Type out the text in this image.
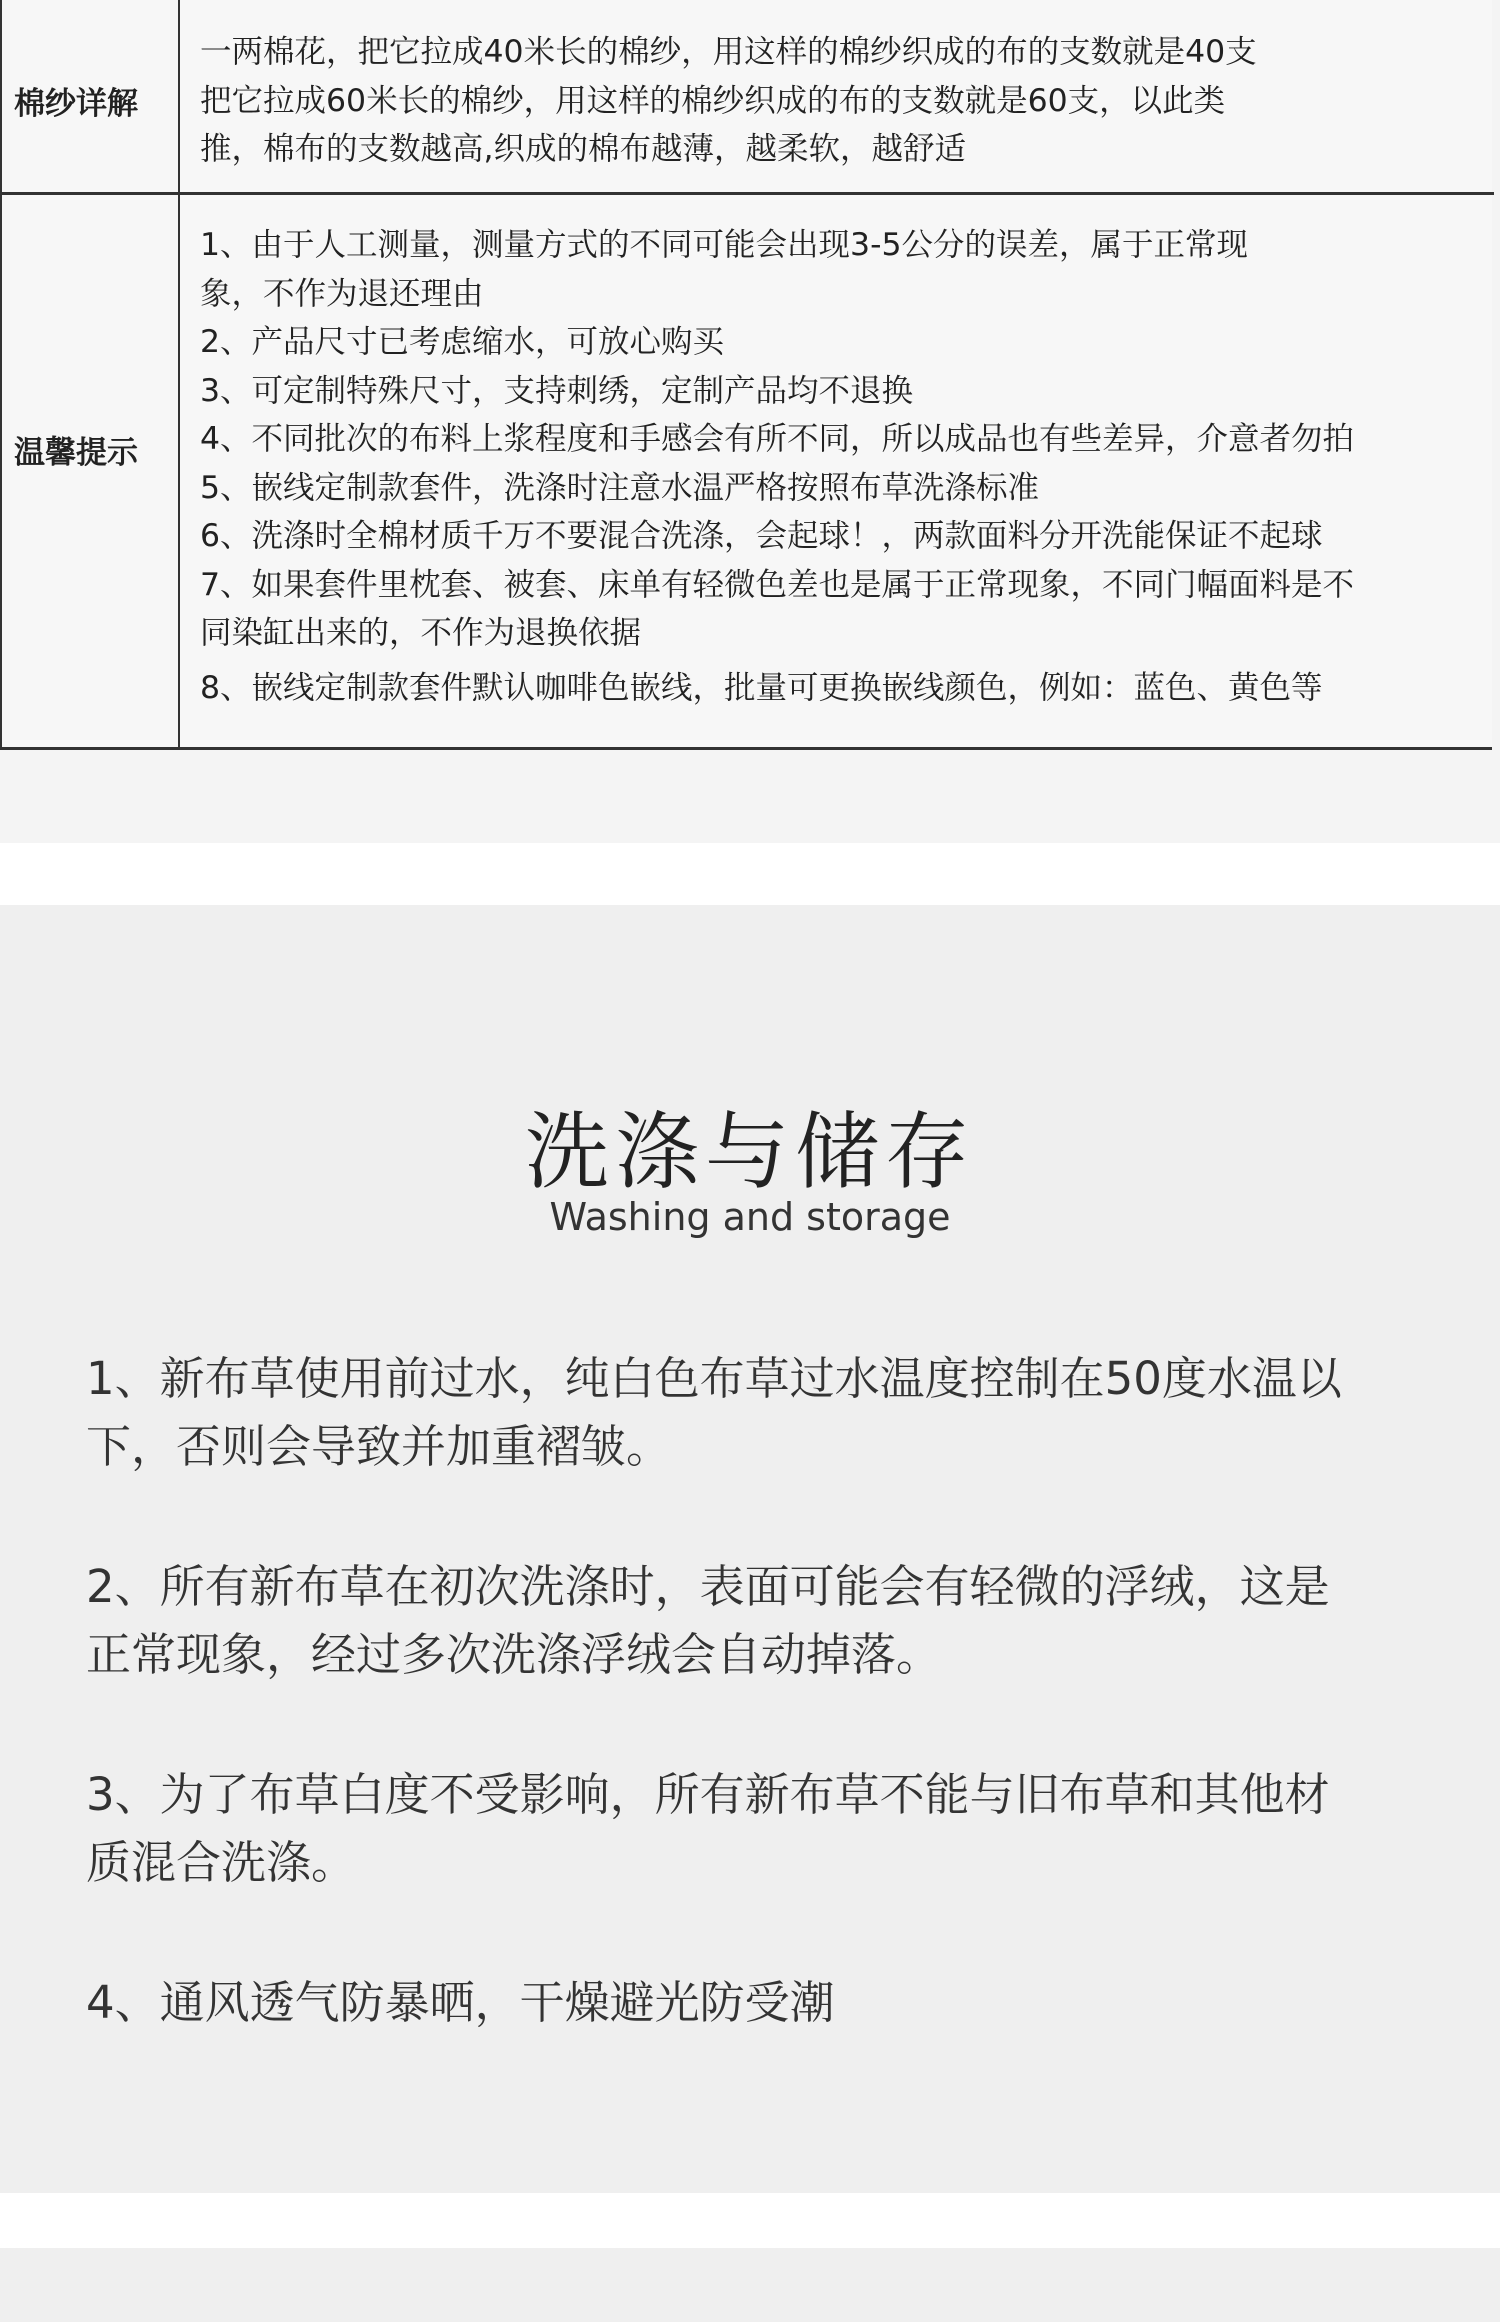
棉纱详解
一两棉花，把它拉成40米长的棉纱，用这样的棉纱织成的布的支数就是40支
把它拉成60米长的棉纱，用这样的棉纱织成的布的支数就是60支，以此类
推，棉布的支数越高,织成的棉布越薄，越柔软，越舒适
温馨提示
1、由于人工测量，测量方式的不同可能会出现3-5公分的误差，属于正常现
象，不作为退还理由
2、产品尺寸已考虑缩水，可放心购买
3、可定制特殊尺寸，支持刺绣，定制产品均不退换
4、不同批次的布料上浆程度和手感会有所不同，所以成品也有些差异，介意者勿拍
5、嵌线定制款套件，洗涤时注意水温严格按照布草洗涤标准
6、洗涤时全棉材质千万不要混合洗涤，会起球！，两款面料分开洗能保证不起球
7、如果套件里枕套、被套、床单有轻微色差也是属于正常现象，不同门幅面料是不
同染缸出来的，不作为退换依据
8、嵌线定制款套件默认咖啡色嵌线，批量可更换嵌线颜色，例如：蓝色、黄色等
洗涤与储存
Washing and storage
1、新布草使用前过水，纯白色布草过水温度控制在50度水温以
下，否则会导致并加重褶皱。
2、所有新布草在初次洗涤时，表面可能会有轻微的浮绒，这是
正常现象，经过多次洗涤浮绒会自动掉落。
3、为了布草白度不受影响，所有新布草不能与旧布草和其他材
质混合洗涤。
4、通风透气防暴晒，干燥避光防受潮
